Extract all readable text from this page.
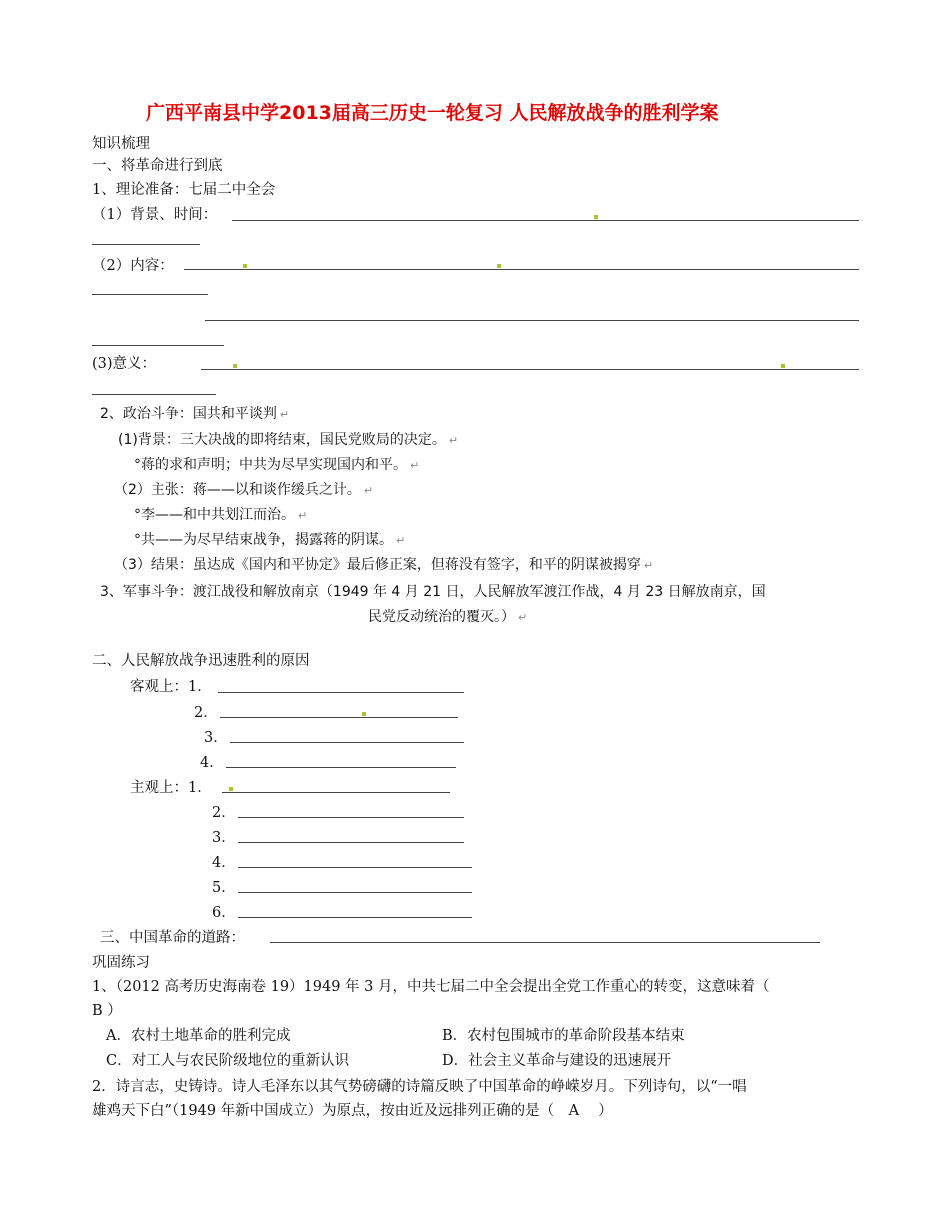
广西平南县中学2013届高三历史一轮复习 人民解放战争的胜利学案
知识梳理
一、将革命进行到底
1、理论准备：七届二中全会
（1）背景、时间：
（2）内容：
(3)意义：
2、政治斗争：国共和平谈判 ↵
(1)背景：三大决战的即将结束，国民党败局的决定。 ↵
°蒋的求和声明；中共为尽早实现国内和平。 ↵
（2）主张：蒋——以和谈作缓兵之计。 ↵
°李——和中共划江而治。 ↵
°共——为尽早结束战争，揭露蒋的阴谋。 ↵
（3）结果：虽达成《国内和平协定》最后修正案，但蒋没有签字，和平的阴谋被揭穿 ↵
3、军事斗争：渡江战役和解放南京（1949 年 4 月 21 日，人民解放军渡江作战，4 月 23 日解放南京，国
民党反动统治的覆灭。） ↵
二、人民解放战争迅速胜利的原因
客观上：1．
2．
3．
4．
主观上：1．
2．
3．
4．
5．
6．
三、中国革命的道路：
巩固练习
1、（2012 高考历史海南卷 19）1949 年 3 月，中共七届二中全会提出全党工作重心的转变，这意味着（
B ）
A．农村土地革命的胜利完成	B．农村包围城市的革命阶段基本结束
C．对工人与农民阶级地位的重新认识	D．社会主义革命与建设的迅速展开
2．诗言志，史铸诗。诗人毛泽东以其气势磅礴的诗篇反映了中国革命的峥嵘岁月。下列诗句，以“一唱
雄鸡天下白”（1949 年新中国成立）为原点，按由近及远排列正确的是（　A　 ）
